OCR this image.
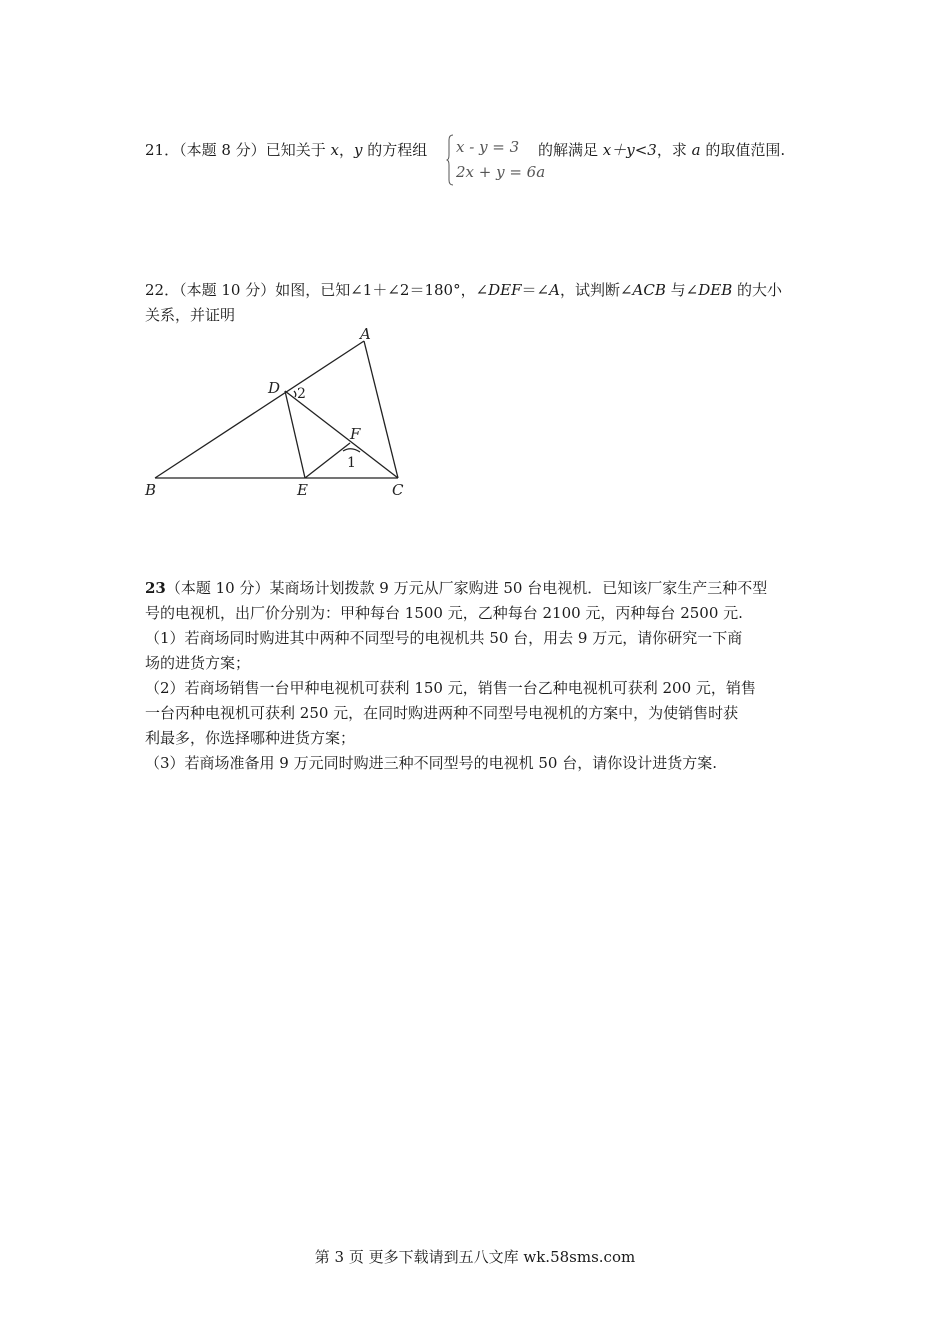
21．（本题 8 分）已知关于 x，y 的方程组 x - y = 3
2x + y = 6a
的解满足 x＋y<3，求 a 的取值范围.
22．（本题 10 分）如图，已知∠1＋∠2＝180°，∠DEF＝∠A，试判断∠ACB 与∠DEB 的大小
关系，并证明
A
B	C
D
E
F
1
2
23（本题 10 分）某商场计划拨款 9 万元从厂家购进 50 台电视机．已知该厂家生产三种不型
号的电视机，出厂价分别为：甲种每台 1500 元，乙种每台 2100 元，丙种每台 2500 元.
（1）若商场同时购进其中两种不同型号的电视机共 50 台，用去 9 万元，请你研究一下商
场的进货方案；
（2）若商场销售一台甲种电视机可获利 150 元，销售一台乙种电视机可获利 200 元，销售
一台丙种电视机可获利 250 元，在同时购进两种不同型号电视机的方案中，为使销售时获
利最多，你选择哪种进货方案；
（3）若商场准备用 9 万元同时购进三种不同型号的电视机 50 台，请你设计进货方案.
第 3 页 更多下载请到五八文库 wk.58sms.com
